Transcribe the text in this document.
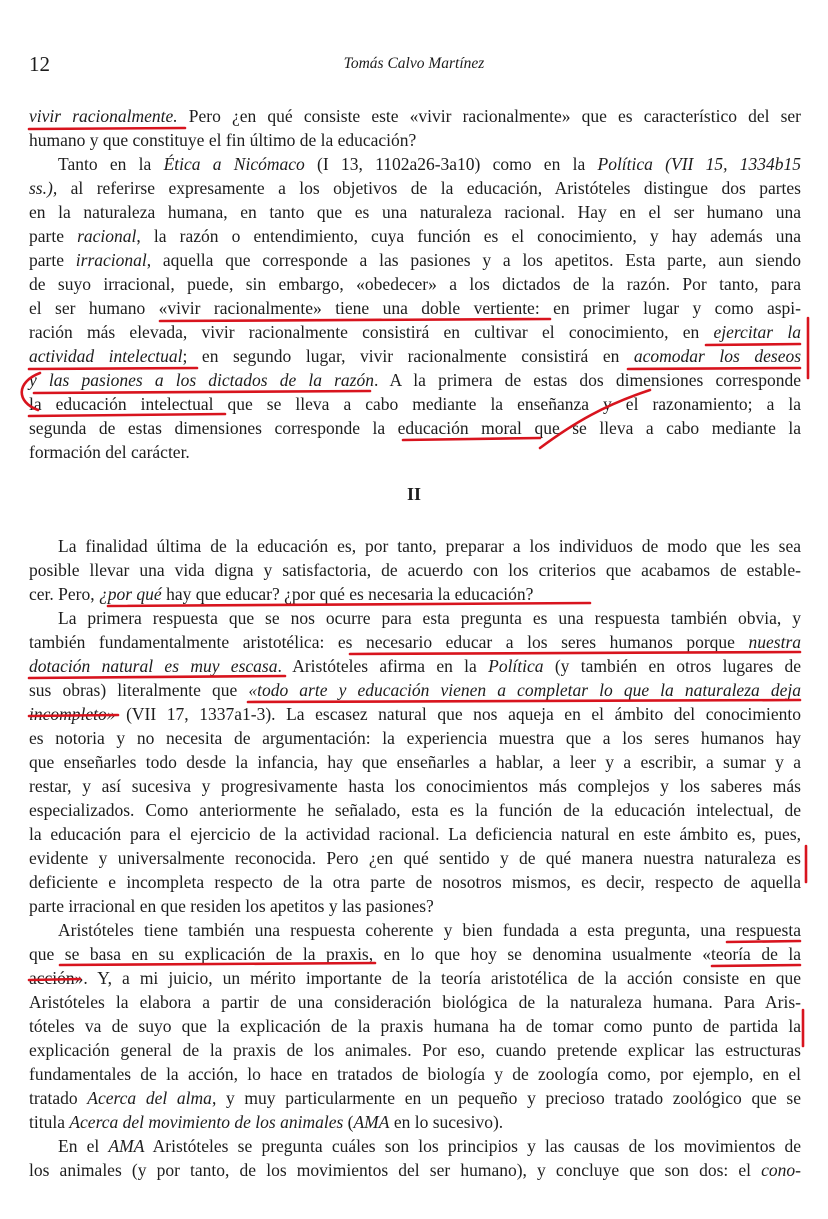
12	Tomás Calvo Martínez
vivir racionalmente. Pero ¿en qué consiste este «vivir racionalmente» que es característico del ser
humano y que constituye el fin último de la educación?
Tanto en la Ética a Nicómaco (I 13, 1102a26-3a10) como en la Política (VII 15, 1334b15
ss.), al referirse expresamente a los objetivos de la educación, Aristóteles distingue dos partes
en la naturaleza humana, en tanto que es una naturaleza racional. Hay en el ser humano una
parte racional, la razón o entendimiento, cuya función es el conocimiento, y hay además una
parte irracional, aquella que corresponde a las pasiones y a los apetitos. Esta parte, aun siendo
de suyo irracional, puede, sin embargo, «obedecer» a los dictados de la razón. Por tanto, para
el ser humano «vivir racionalmente» tiene una doble vertiente: en primer lugar y como aspi-
ración más elevada, vivir racionalmente consistirá en cultivar el conocimiento, en ejercitar la
actividad intelectual; en segundo lugar, vivir racionalmente consistirá en acomodar los deseos
y las pasiones a los dictados de la razón. A la primera de estas dos dimensiones corresponde
la educación intelectual que se lleva a cabo mediante la enseñanza y el razonamiento; a la
segunda de estas dimensiones corresponde la educación moral que se lleva a cabo mediante la
formación del carácter.
II
La finalidad última de la educación es, por tanto, preparar a los individuos de modo que les sea
posible llevar una vida digna y satisfactoria, de acuerdo con los criterios que acabamos de estable-
cer. Pero, ¿por qué hay que educar? ¿por qué es necesaria la educación?
La primera respuesta que se nos ocurre para esta pregunta es una respuesta también obvia, y
también fundamentalmente aristotélica: es necesario educar a los seres humanos porque nuestra
dotación natural es muy escasa. Aristóteles afirma en la Política (y también en otros lugares de
sus obras) literalmente que «todo arte y educación vienen a completar lo que la naturaleza deja
incompleto» (VII 17, 1337a1-3). La escasez natural que nos aqueja en el ámbito del conocimiento
es notoria y no necesita de argumentación: la experiencia muestra que a los seres humanos hay
que enseñarles todo desde la infancia, hay que enseñarles a hablar, a leer y a escribir, a sumar y a
restar, y así sucesiva y progresivamente hasta los conocimientos más complejos y los saberes más
especializados. Como anteriormente he señalado, esta es la función de la educación intelectual, de
la educación para el ejercicio de la actividad racional. La deficiencia natural en este ámbito es, pues,
evidente y universalmente reconocida. Pero ¿en qué sentido y de qué manera nuestra naturaleza es
deficiente e incompleta respecto de la otra parte de nosotros mismos, es decir, respecto de aquella
parte irracional en que residen los apetitos y las pasiones?
Aristóteles tiene también una respuesta coherente y bien fundada a esta pregunta, una respuesta
que se basa en su explicación de la praxis, en lo que hoy se denomina usualmente «teoría de la
acción». Y, a mi juicio, un mérito importante de la teoría aristotélica de la acción consiste en que
Aristóteles la elabora a partir de una consideración biológica de la naturaleza humana. Para Aris-
tóteles va de suyo que la explicación de la praxis humana ha de tomar como punto de partida la
explicación general de la praxis de los animales. Por eso, cuando pretende explicar las estructuras
fundamentales de la acción, lo hace en tratados de biología y de zoología como, por ejemplo, en el
tratado Acerca del alma, y muy particularmente en un pequeño y precioso tratado zoológico que se
titula Acerca del movimiento de los animales (AMA en lo sucesivo).
En el AMA Aristóteles se pregunta cuáles son los principios y las causas de los movimientos de
los animales (y por tanto, de los movimientos del ser humano), y concluye que son dos: el cono-
